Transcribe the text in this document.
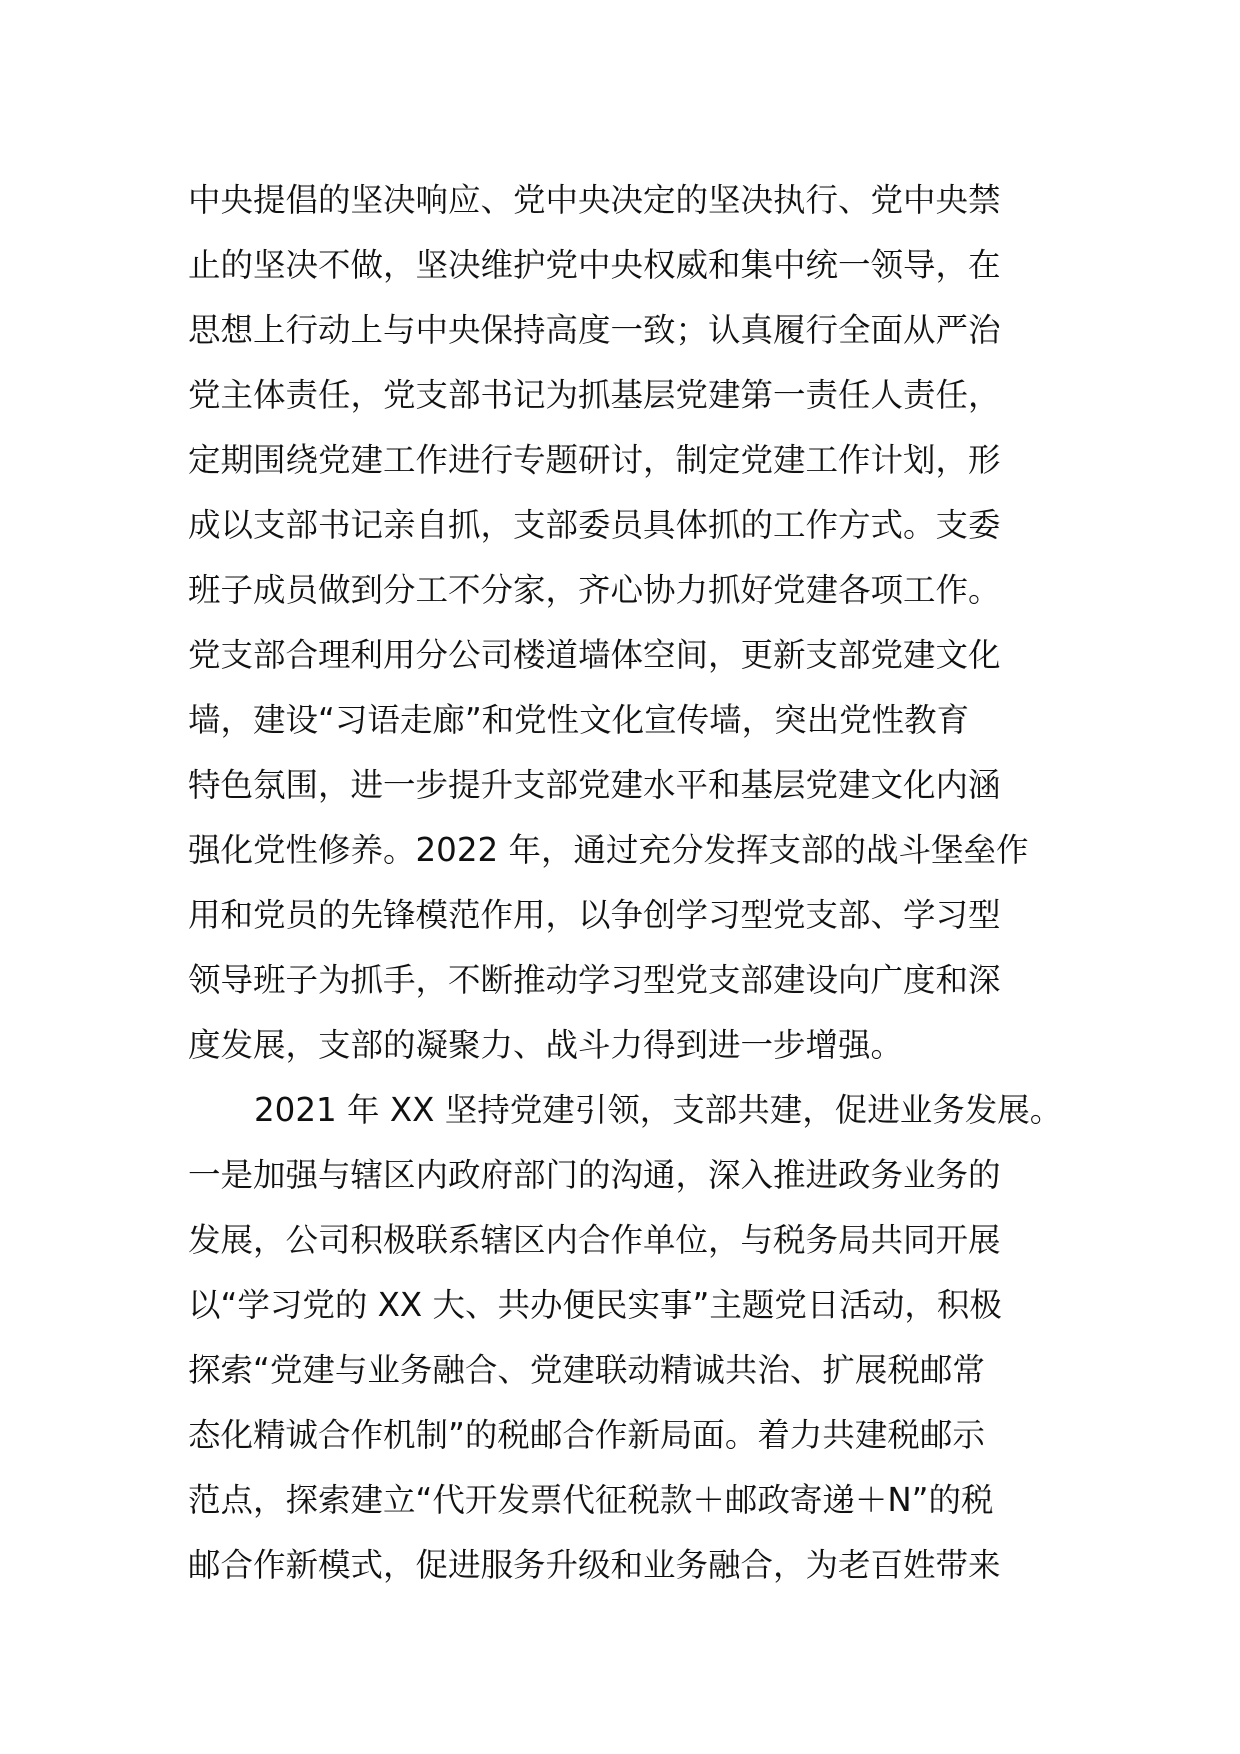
中央提倡的坚决响应、党中央决定的坚决执行、党中央禁
止的坚决不做，坚决维护党中央权威和集中统一领导，在
思想上行动上与中央保持高度一致；认真履行全面从严治
党主体责任，党支部书记为抓基层党建第一责任人责任，
定期围绕党建工作进行专题研讨，制定党建工作计划，形
成以支部书记亲自抓，支部委员具体抓的工作方式。支委
班子成员做到分工不分家，齐心协力抓好党建各项工作。
党支部合理利用分公司楼道墙体空间，更新支部党建文化
墙，建设“习语走廊”和党性文化宣传墙，突出党性教育
特色氛围，进一步提升支部党建水平和基层党建文化内涵
强化党性修养。2022 年，通过充分发挥支部的战斗堡垒作
用和党员的先锋模范作用，以争创学习型党支部、学习型
领导班子为抓手，不断推动学习型党支部建设向广度和深
度发展，支部的凝聚力、战斗力得到进一步增强。
2021 年 XX 坚持党建引领，支部共建，促进业务发展。
一是加强与辖区内政府部门的沟通，深入推进政务业务的
发展，公司积极联系辖区内合作单位，与税务局共同开展
以“学习党的 XX 大、共办便民实事”主题党日活动，积极
探索“党建与业务融合、党建联动精诚共治、扩展税邮常
态化精诚合作机制”的税邮合作新局面。着力共建税邮示
范点，探索建立“代开发票代征税款＋邮政寄递＋N”的税
邮合作新模式，促进服务升级和业务融合，为老百姓带来
